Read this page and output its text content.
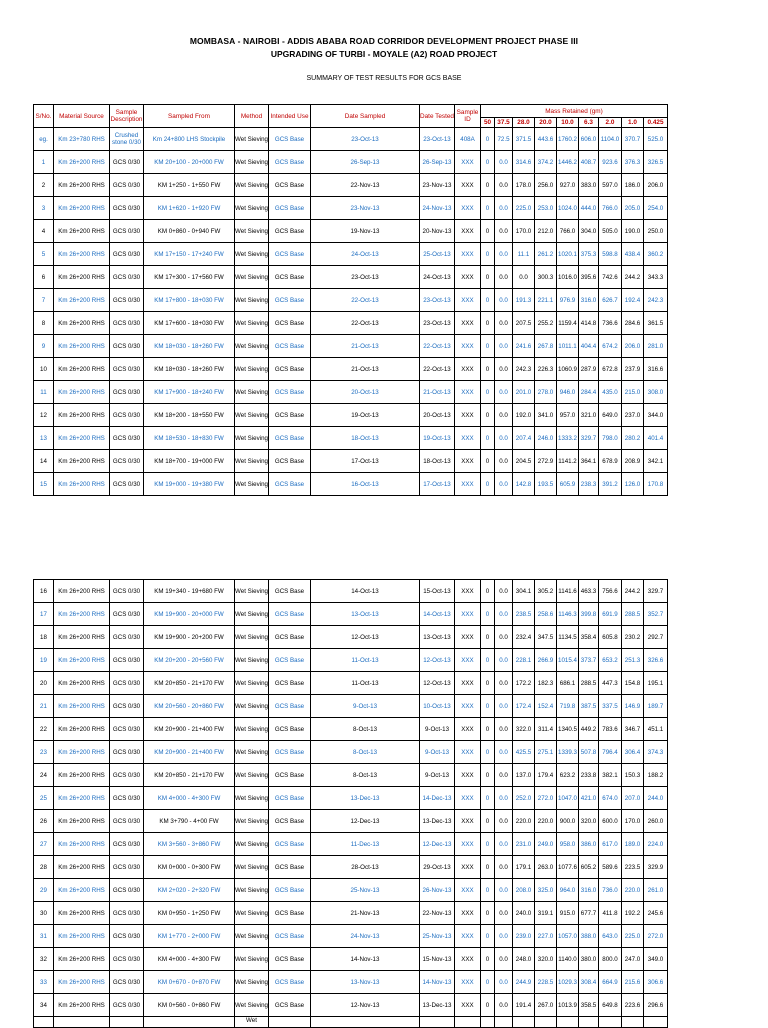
MOMBASA - NAIROBI - ADDIS ABABA ROAD CORRIDOR DEVELOPMENT PROJECT PHASE III
UPGRADING OF TURBI - MOYALE (A2) ROAD PROJECT
SUMMARY OF TEST RESULTS FOR GCS BASE
S/No.	Material Source	Sample Description	Sampled From	Method	Intended Use	Date Sampled	Date Tested	Sample ID	Mass Retained (gm)								
									50	37.5	28.0	20.0	10.0	6.3	2.0	1.0	0.425
eg.	Km 23+780 RHS	Crushed stone 0/30	Km 24+800 LHS Stockpile	Wet Sieving	GCS Base	23-Oct-13	23-Oct-13	408A	0	72.5	371.5	443.6	1760.2	606.0	1104.0	370.7	525.0
1	Km 26+200 RHS	GCS 0/30	KM 20+100 - 20+000 FW	Wet Sieving	GCS Base	26-Sep-13	26-Sep-13	XXX	0	0.0	314.6	374.2	1446.2	408.7	923.6	376.3	326.5
2	Km 26+200 RHS	GCS 0/30	KM 1+250 - 1+550 FW	Wet Sieving	GCS Base	22-Nov-13	23-Nov-13	XXX	0	0.0	178.0	256.0	927.0	383.0	597.0	186.0	206.0
3	Km 26+200 RHS	GCS 0/30	KM 1+620 - 1+920 FW	Wet Sieving	GCS Base	23-Nov-13	24-Nov-13	XXX	0	0.0	225.0	253.0	1024.0	444.0	766.0	205.0	254.0
4	Km 26+200 RHS	GCS 0/30	KM 0+860 - 0+940 FW	Wet Sieving	GCS Base	19-Nov-13	20-Nov-13	XXX	0	0.0	170.0	212.0	766.0	304.0	505.0	190.0	250.0
5	Km 26+200 RHS	GCS 0/30	KM 17+150 - 17+240 FW	Wet Sieving	GCS Base	24-Oct-13	25-Oct-13	XXX	0	0.0	11.1	261.2	1020.1	375.3	598.8	438.4	360.2
6	Km 26+200 RHS	GCS 0/30	KM 17+300 - 17+560 FW	Wet Sieving	GCS Base	23-Oct-13	24-Oct-13	XXX	0	0.0	0.0	300.3	1016.0	395.6	742.6	244.2	343.3
7	Km 26+200 RHS	GCS 0/30	KM 17+800 - 18+030 FW	Wet Sieving	GCS Base	22-Oct-13	23-Oct-13	XXX	0	0.0	191.3	221.1	976.9	316.0	626.7	192.4	242.3
8	Km 26+200 RHS	GCS 0/30	KM 17+600 - 18+030 FW	Wet Sieving	GCS Base	22-Oct-13	23-Oct-13	XXX	0	0.0	207.5	255.2	1159.4	414.8	736.6	284.6	361.5
9	Km 26+200 RHS	GCS 0/30	KM 18+030 - 18+260 FW	Wet Sieving	GCS Base	21-Oct-13	22-Oct-13	XXX	0	0.0	241.6	267.8	1011.1	404.4	674.2	206.0	281.0
10	Km 26+200 RHS	GCS 0/30	KM 18+030 - 18+260 FW	Wet Sieving	GCS Base	21-Oct-13	22-Oct-13	XXX	0	0.0	242.3	226.3	1060.9	287.9	672.8	237.9	316.6
11	Km 26+200 RHS	GCS 0/30	KM 17+900 - 18+240 FW	Wet Sieving	GCS Base	20-Oct-13	21-Oct-13	XXX	0	0.0	201.0	278.0	946.0	284.4	435.0	215.0	308.0
12	Km 26+200 RHS	GCS 0/30	KM 18+200 - 18+550 FW	Wet Sieving	GCS Base	19-Oct-13	20-Oct-13	XXX	0	0.0	192.0	341.0	957.0	321.0	649.0	237.0	344.0
13	Km 26+200 RHS	GCS 0/30	KM 18+530 - 18+830 FW	Wet Sieving	GCS Base	18-Oct-13	19-Oct-13	XXX	0	0.0	207.4	246.0	1333.2	329.7	798.0	280.2	401.4
14	Km 26+200 RHS	GCS 0/30	KM 18+700 - 19+000 FW	Wet Sieving	GCS Base	17-Oct-13	18-Oct-13	XXX	0	0.0	204.5	272.9	1141.2	364.1	678.9	208.9	342.1
15	Km 26+200 RHS	GCS 0/30	KM 19+000 - 19+380 FW	Wet Sieving	GCS Base	16-Oct-13	17-Oct-13	XXX	0	0.0	142.8	193.5	605.9	238.3	391.2	126.0	170.8
16	Km 26+200 RHS	GCS 0/30	KM 19+340 - 19+680 FW	Wet Sieving	GCS Base	14-Oct-13	15-Oct-13	XXX	0	0.0	304.1	305.2	1141.6	463.3	756.6	244.2	329.7
17	Km 26+200 RHS	GCS 0/30	KM 19+900 - 20+000 FW	Wet Sieving	GCS Base	13-Oct-13	14-Oct-13	XXX	0	0.0	238.5	258.6	1146.3	399.8	691.9	288.5	352.7
18	Km 26+200 RHS	GCS 0/30	KM 19+900 - 20+200 FW	Wet Sieving	GCS Base	12-Oct-13	13-Oct-13	XXX	0	0.0	232.4	347.5	1134.5	358.4	605.8	230.2	292.7
19	Km 26+200 RHS	GCS 0/30	KM 20+200 - 20+560 FW	Wet Sieving	GCS Base	11-Oct-13	12-Oct-13	XXX	0	0.0	228.1	266.9	1015.4	373.7	653.2	251.3	326.6
20	Km 26+200 RHS	GCS 0/30	KM 20+850 - 21+170 FW	Wet Sieving	GCS Base	11-Oct-13	12-Oct-13	XXX	0	0.0	172.2	182.3	686.1	288.5	447.3	154.8	195.1
21	Km 26+200 RHS	GCS 0/30	KM 20+560 - 20+860 FW	Wet Sieving	GCS Base	9-Oct-13	10-Oct-13	XXX	0	0.0	172.4	152.4	719.8	387.5	337.5	146.9	189.7
22	Km 26+200 RHS	GCS 0/30	KM 20+900 - 21+400 FW	Wet Sieving	GCS Base	8-Oct-13	9-Oct-13	XXX	0	0.0	322.0	311.4	1340.5	449.2	783.6	346.7	451.1
23	Km 26+200 RHS	GCS 0/30	KM 20+900 - 21+400 FW	Wet Sieving	GCS Base	8-Oct-13	9-Oct-13	XXX	0	0.0	425.5	275.1	1339.3	507.8	796.4	306.4	374.3
24	Km 26+200 RHS	GCS 0/30	KM 20+850 - 21+170 FW	Wet Sieving	GCS Base	8-Oct-13	9-Oct-13	XXX	0	0.0	137.0	179.4	623.2	233.8	382.1	150.3	188.2
25	Km 26+200 RHS	GCS 0/30	KM 4+000 - 4+300 FW	Wet Sieving	GCS Base	13-Dec-13	14-Dec-13	XXX	0	0.0	252.0	272.0	1047.0	421.0	674.0	207.0	244.0
26	Km 26+200 RHS	GCS 0/30	KM 3+790 - 4+00 FW	Wet Sieving	GCS Base	12-Dec-13	13-Dec-13	XXX	0	0.0	220.0	220.0	900.0	320.0	600.0	170.0	260.0
27	Km 26+200 RHS	GCS 0/30	KM 3+560 - 3+860 FW	Wet Sieving	GCS Base	11-Dec-13	12-Dec-13	XXX	0	0.0	231.0	249.0	958.0	386.0	617.0	189.0	224.0
28	Km 26+200 RHS	GCS 0/30	KM 0+000 - 0+300 FW	Wet Sieving	GCS Base	28-Oct-13	29-Oct-13	XXX	0	0.0	179.1	263.0	1077.6	605.2	589.6	223.5	329.9
29	Km 26+200 RHS	GCS 0/30	KM 2+020 - 2+320 FW	Wet Sieving	GCS Base	25-Nov-13	26-Nov-13	XXX	0	0.0	208.0	325.0	964.0	316.0	736.0	220.0	261.0
30	Km 26+200 RHS	GCS 0/30	KM 0+950 - 1+250 FW	Wet Sieving	GCS Base	21-Nov-13	22-Nov-13	XXX	0	0.0	240.0	319.1	915.0	677.7	411.8	192.2	245.6
31	Km 26+200 RHS	GCS 0/30	KM 1+770 - 2+000 FW	Wet Sieving	GCS Base	24-Nov-13	25-Nov-13	XXX	0	0.0	239.0	227.0	1057.0	388.0	643.0	225.0	272.0
32	Km 26+200 RHS	GCS 0/30	KM 4+000 - 4+300 FW	Wet Sieving	GCS Base	14-Nov-13	15-Nov-13	XXX	0	0.0	248.0	320.0	1140.0	380.0	800.0	247.0	349.0
33	Km 26+200 RHS	GCS 0/30	KM 0+670 - 0+870 FW	Wet Sieving	GCS Base	13-Nov-13	14-Nov-13	XXX	0	0.0	244.9	228.5	1029.3	308.4	664.9	215.6	306.6
34	Km 26+200 RHS	GCS 0/30	KM 0+560 - 0+860 FW	Wet Sieving	GCS Base	12-Nov-13	13-Dec-13	XXX	0	0.0	191.4	267.0	1013.9	358.5	649.8	223.6	296.6
				Wet													
